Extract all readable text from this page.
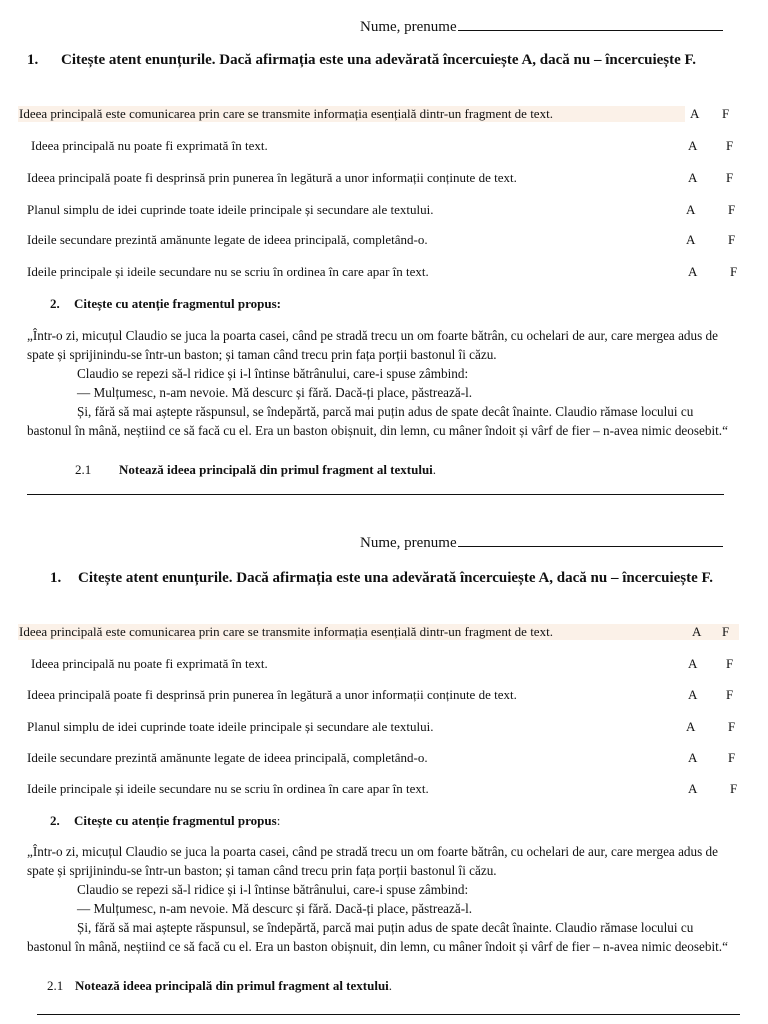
Nume, prenume
1. Citește atent enunțurile. Dacă afirmația este una adevărată încercuiește A, dacă nu – încercuiește F.
Ideea principală este comunicarea prin care se transmite informația esențială dintr-un fragment de text.	A F
Ideea principală nu poate fi exprimată în text.	A F
Ideea principală poate fi desprinsă prin punerea în legătură a unor informații conținute de text.	A F
Planul simplu de idei cuprinde toate ideile principale și secundare ale textului.	A	F
Ideile secundare prezintă amănunte legate de ideea principală, completând-o.	A	F
Ideile principale și ideile secundare nu se scriu în ordinea în care apar în text.	A	F
2. Citește cu atenție fragmentul propus:

„Într-o zi, micuțul Claudio se juca la poarta casei, când pe stradă trecu un om foarte bătrân, cu ochelari de aur, care mergea adus de spate și sprijinindu-se într-un baston; și taman când trecu prin fața porții bastonul îi căzu.

Claudio se repezi să-l ridice și i-l întinse bătrânului, care-i spuse zâmbind:

— Mulțumesc, n-am nevoie. Mă descurc și fără. Dacă-ți place, păstrează-l.

Și, fără să mai aștepte răspunsul, se îndepărtă, parcă mai puțin adus de spate decât înainte. Claudio rămase locului cu bastonul în mână, neștiind ce să facă cu el. Era un baston obișnuit, din lemn, cu mâner îndoit și vârf de fier – n-avea nimic deosebit.“

2.1 Notează ideea principală din primul fragment al textului.
Nume, prenume
1. Citește atent enunțurile. Dacă afirmația este una adevărată încercuiește A, dacă nu – încercuiește F.
Ideea principală este comunicarea prin care se transmite informația esențială dintr-un fragment de text.	A F
Ideea principală nu poate fi exprimată în text.	A F
Ideea principală poate fi desprinsă prin punerea în legătură a unor informații conținute de text.	A F
Planul simplu de idei cuprinde toate ideile principale și secundare ale textului.	A	F
Ideile secundare prezintă amănunte legate de ideea principală, completând-o.	A F
Ideile principale și ideile secundare nu se scriu în ordinea în care apar în text.	A	F
2. Citește cu atenție fragmentul propus:

„Într-o zi, micuțul Claudio se juca la poarta casei, când pe stradă trecu un om foarte bătrân, cu ochelari de aur, care mergea adus de spate și sprijinindu-se într-un baston; și taman când trecu prin fața porții bastonul îi căzu.

Claudio se repezi să-l ridice și i-l întinse bătrânului, care-i spuse zâmbind:

— Mulțumesc, n-am nevoie. Mă descurc și fără. Dacă-ți place, păstrează-l.

Și, fără să mai aștepte răspunsul, se îndepărtă, parcă mai puțin adus de spate decât înainte. Claudio rămase locului cu bastonul în mână, neștiind ce să facă cu el. Era un baston obișnuit, din lemn, cu mâner îndoit și vârf de fier – n-avea nimic deosebit.“

2.1 Notează ideea principală din primul fragment al textului.
